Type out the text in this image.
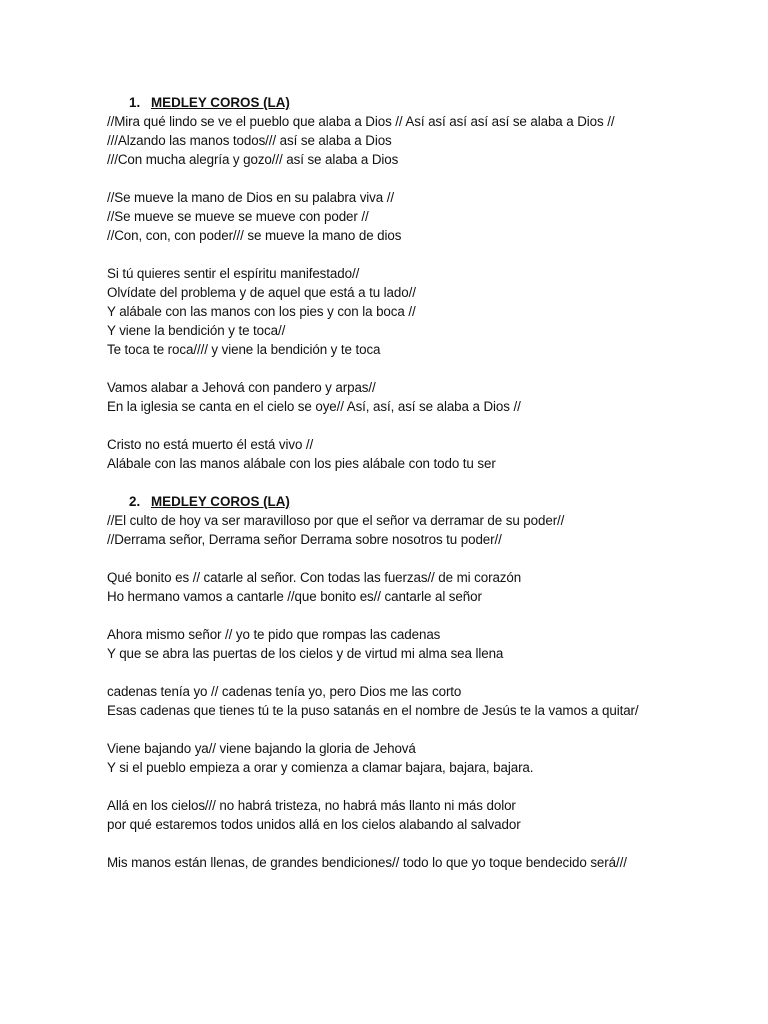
1. MEDLEY COROS (LA)
//Mira qué lindo se ve el pueblo que alaba a Dios // Así así así así así se alaba a Dios //
///Alzando las manos todos/// así se alaba a Dios
///Con mucha alegría y gozo/// así se alaba a Dios
//Se mueve la mano de Dios en su palabra viva //
//Se mueve se mueve se mueve con poder //
//Con, con, con poder/// se mueve la mano de dios
Si tú quieres sentir el espíritu manifestado//
Olvídate del problema y de aquel que está a tu lado//
Y alábale con las manos con los pies y con la boca //
Y viene la bendición y te toca//
Te toca te roca//// y viene la bendición y te toca
Vamos alabar a Jehová con pandero y arpas//
En la iglesia se canta en el cielo se oye// Así, así, así se alaba a Dios //
Cristo no está muerto él está vivo //
Alábale con las manos alábale con los pies alábale con todo tu ser
2. MEDLEY COROS (LA)
//El culto de hoy va ser maravilloso por que el señor va derramar de su poder//
//Derrama señor, Derrama señor Derrama sobre nosotros tu poder//
Qué bonito es // catarle al señor. Con todas las fuerzas// de mi corazón
Ho hermano vamos a cantarle //que bonito es// cantarle al señor
Ahora mismo señor // yo te pido que rompas las cadenas
Y que se abra las puertas de los cielos y de virtud mi alma sea llena
cadenas tenía yo // cadenas tenía yo, pero Dios me las corto
Esas cadenas que tienes tú te la puso satanás en el nombre de Jesús te la vamos a quitar/
Viene bajando ya// viene bajando la gloria de Jehová
Y si el pueblo empieza a orar y comienza a clamar bajara, bajara, bajara.
Allá en los cielos/// no habrá tristeza, no habrá más llanto ni más dolor
por qué estaremos todos unidos allá en los cielos alabando al salvador
Mis manos están llenas, de grandes bendiciones// todo lo que yo toque bendecido será///
